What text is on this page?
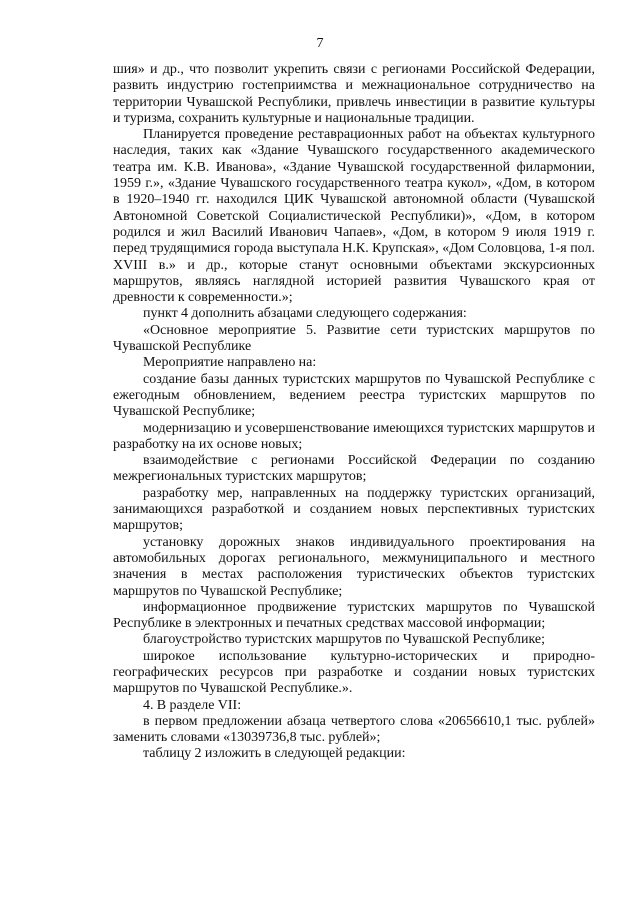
7

шия» и др., что позволит укрепить связи с регионами Российской Федерации, развить индустрию гостеприимства и межнациональное сотрудничество на территории Чувашской Республики, привлечь инвестиции в развитие культуры и туризма, сохранить культурные и национальные традиции.

Планируется проведение реставрационных работ на объектах культурного наследия, таких как «Здание Чувашского государственного академического театра им. К.В. Иванова», «Здание Чувашской государственной филармонии, 1959 г.», «Здание Чувашского государственного театра кукол», «Дом, в котором в 1920–1940 гг. находился ЦИК Чувашской автономной области (Чувашской Автономной Советской Социалистической Республики)», «Дом, в котором родился и жил Василий Иванович Чапаев», «Дом, в котором 9 июля 1919 г. перед трудящимися города выступала Н.К. Крупская», «Дом Соловцова, 1-я пол. XVIII в.» и др., которые станут основными объектами экскурсионных маршрутов, являясь наглядной историей развития Чувашского края от древности к современности.»;

пункт 4 дополнить абзацами следующего содержания:

«Основное мероприятие 5. Развитие сети туристских маршрутов по Чувашской Республике

Мероприятие направлено на:

создание базы данных туристских маршрутов по Чувашской Республике с ежегодным обновлением, ведением реестра туристских маршрутов по Чувашской Республике;

модернизацию и усовершенствование имеющихся туристских маршрутов и разработку на их основе новых;

взаимодействие с регионами Российской Федерации по созданию межрегиональных туристских маршрутов;

разработку мер, направленных на поддержку туристских организаций, занимающихся разработкой и созданием новых перспективных туристских маршрутов;

установку дорожных знаков индивидуального проектирования на автомобильных дорогах регионального, межмуниципального и местного значения в местах расположения туристических объектов туристских маршрутов по Чувашской Республике;

информационное продвижение туристских маршрутов по Чувашской Республике в электронных и печатных средствах массовой информации;

благоустройство туристских маршрутов по Чувашской Республике;

широкое использование культурно-исторических и природно-географических ресурсов при разработке и создании новых туристских маршрутов по Чувашской Республике.».

4. В разделе VII:

в первом предложении абзаца четвертого слова «20656610,1 тыс. рублей» заменить словами «13039736,8 тыс. рублей»;

таблицу 2 изложить в следующей редакции:
